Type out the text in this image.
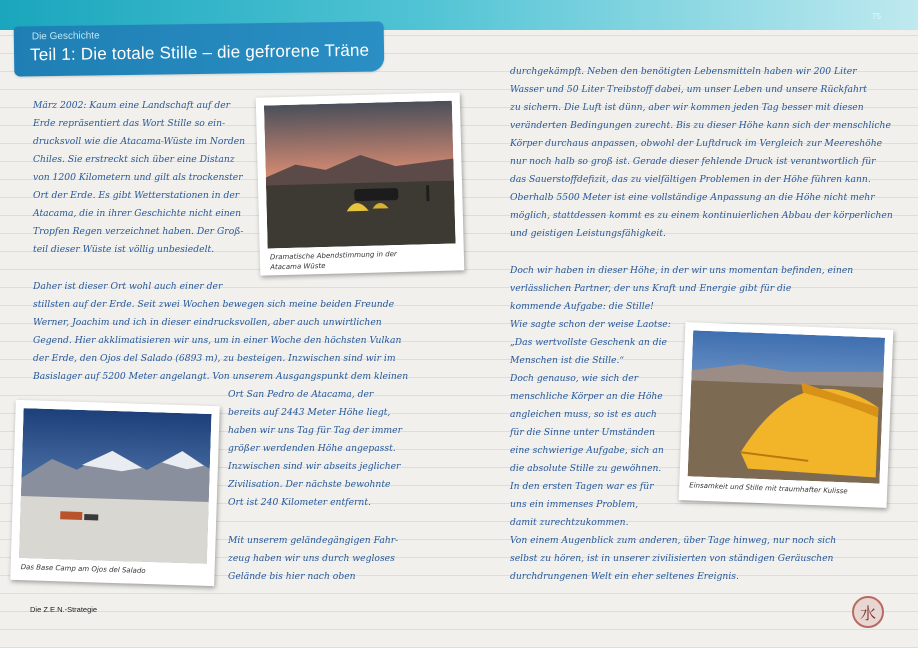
75
Die Geschichte
Teil 1: Die totale Stille – die gefrorene Träne
März 2002: Kaum eine Landschaft auf der
Erde repräsentiert das Wort Stille so ein-
drucksvoll wie die Atacama-Wüste im Norden
Chiles. Sie erstreckt sich über eine Distanz
von 1200 Kilometern und gilt als trockenster
Ort der Erde. Es gibt Wetterstationen in der
Atacama, die in ihrer Geschichte nicht einen
Tropfen Regen verzeichnet haben. Der Groß-
teil dieser Wüste ist völlig unbesiedelt.
Daher ist dieser Ort wohl auch einer der
stillsten auf der Erde. Seit zwei Wochen bewegen sich meine beiden Freunde
Werner, Joachim und ich in dieser eindrucksvollen, aber auch unwirtlichen
Gegend. Hier akklimatisieren wir uns, um in einer Woche den höchsten Vulkan
der Erde, den Ojos del Salado (6893 m), zu besteigen. Inzwischen sind wir im
Basislager auf 5200 Meter angelangt. Von unserem Ausgangspunkt dem kleinen
Ort San Pedro de Atacama, der
bereits auf 2443 Meter Höhe liegt,
haben wir uns Tag für Tag der immer
größer werdenden Höhe angepasst.
Inzwischen sind wir abseits jeglicher
Zivilisation. Der nächste bewohnte
Ort ist 240 Kilometer entfernt.
Mit unserem geländegängigen Fahr-
zeug haben wir uns durch wegloses
Gelände bis hier nach oben
durchgekämpft. Neben den benötigten Lebensmitteln haben wir 200 Liter
Wasser und 50 Liter Treibstoff dabei, um unser Leben und unsere Rückfahrt
zu sichern. Die Luft ist dünn, aber wir kommen jeden Tag besser mit diesen
veränderten Bedingungen zurecht. Bis zu dieser Höhe kann sich der menschliche
Körper durchaus anpassen, obwohl der Luftdruck im Vergleich zur Meereshöhe
nur noch halb so groß ist. Gerade dieser fehlende Druck ist verantwortlich für
das Sauerstoffdefizit, das zu vielfältigen Problemen in der Höhe führen kann.
Oberhalb 5500 Meter ist eine vollständige Anpassung an die Höhe nicht mehr
möglich, stattdessen kommt es zu einem kontinuierlichen Abbau der körperlichen
und geistigen Leistungsfähigkeit.
Doch wir haben in dieser Höhe, in der wir uns momentan befinden, einen
verlässlichen Partner, der uns Kraft und Energie gibt für die
kommende Aufgabe: die Stille!
Wie sagte schon der weise Laotse:
„Das wertvollste Geschenk an die
Menschen ist die Stille.“
Doch genauso, wie sich der
menschliche Körper an die Höhe
angleichen muss, so ist es auch
für die Sinne unter Umständen
eine schwierige Aufgabe, sich an
die absolute Stille zu gewöhnen.
In den ersten Tagen war es für
uns ein immenses Problem,
damit zurechtzukommen.
Von einem Augenblick zum anderen, über Tage hinweg, nur noch sich
selbst zu hören, ist in unserer zivilisierten von ständigen Geräuschen
durchdrungenen Welt ein eher seltenes Ereignis.
Dramatische Abendstimmung in der
Atacama Wüste
Das Base Camp am Ojos del Salado
Einsamkeit und Stille mit traumhafter Kulisse
Die Z.E.N.-Strategie	水
